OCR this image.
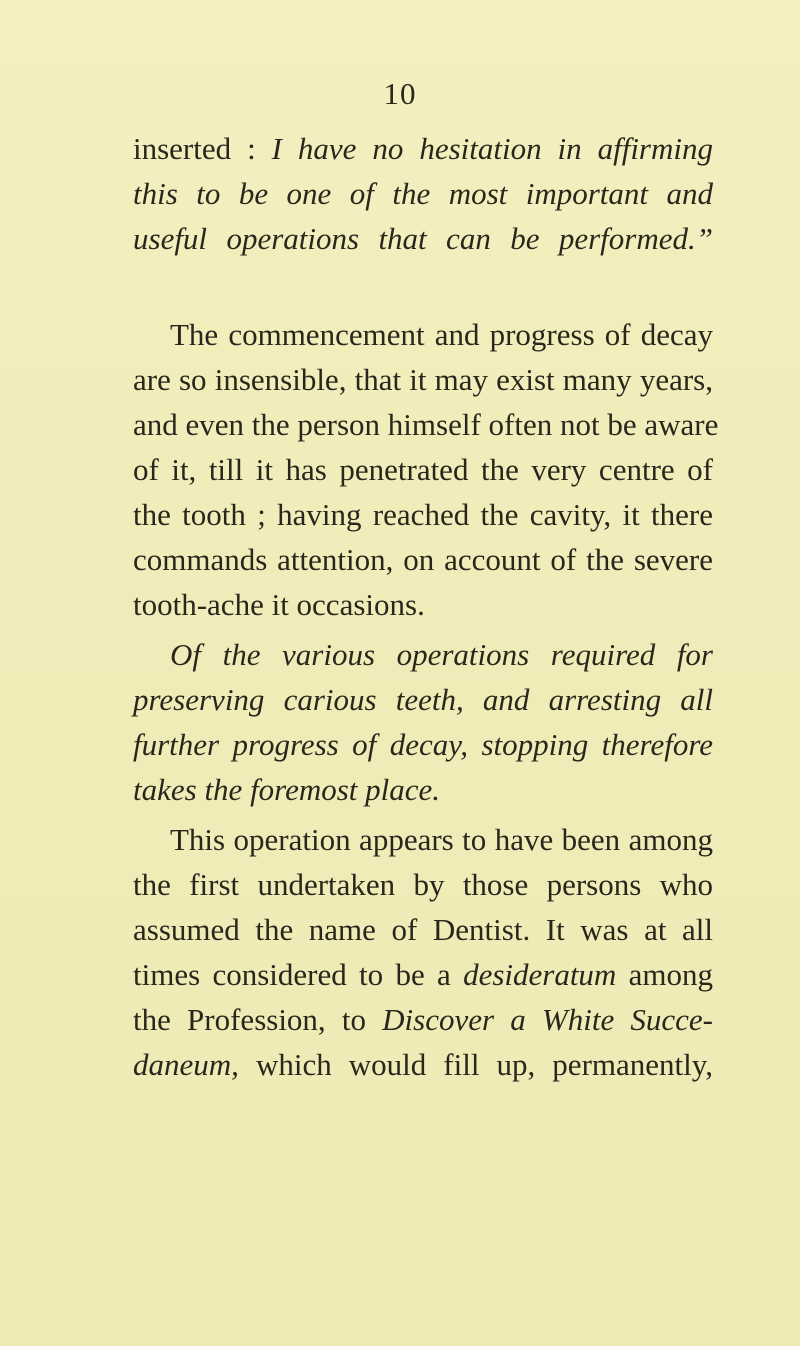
10
inserted : I have no hesitation in affirming
this to be one of the most important and
useful operations that can be performed.”
The commencement and progress of decay
are so insensible, that it may exist many years,
and even the person himself often not be aware
of it, till it has penetrated the very centre of
the tooth ; having reached the cavity, it there
commands attention, on account of the severe
tooth-ache it occasions.
Of the various operations required for
preserving carious teeth, and arresting all
further progress of decay, stopping therefore
takes the foremost place.
This operation appears to have been among
the first undertaken by those persons who
assumed the name of Dentist. It was at all
times considered to be a desideratum among
the Profession, to Discover a White Succe-
daneum, which would fill up, permanently,
